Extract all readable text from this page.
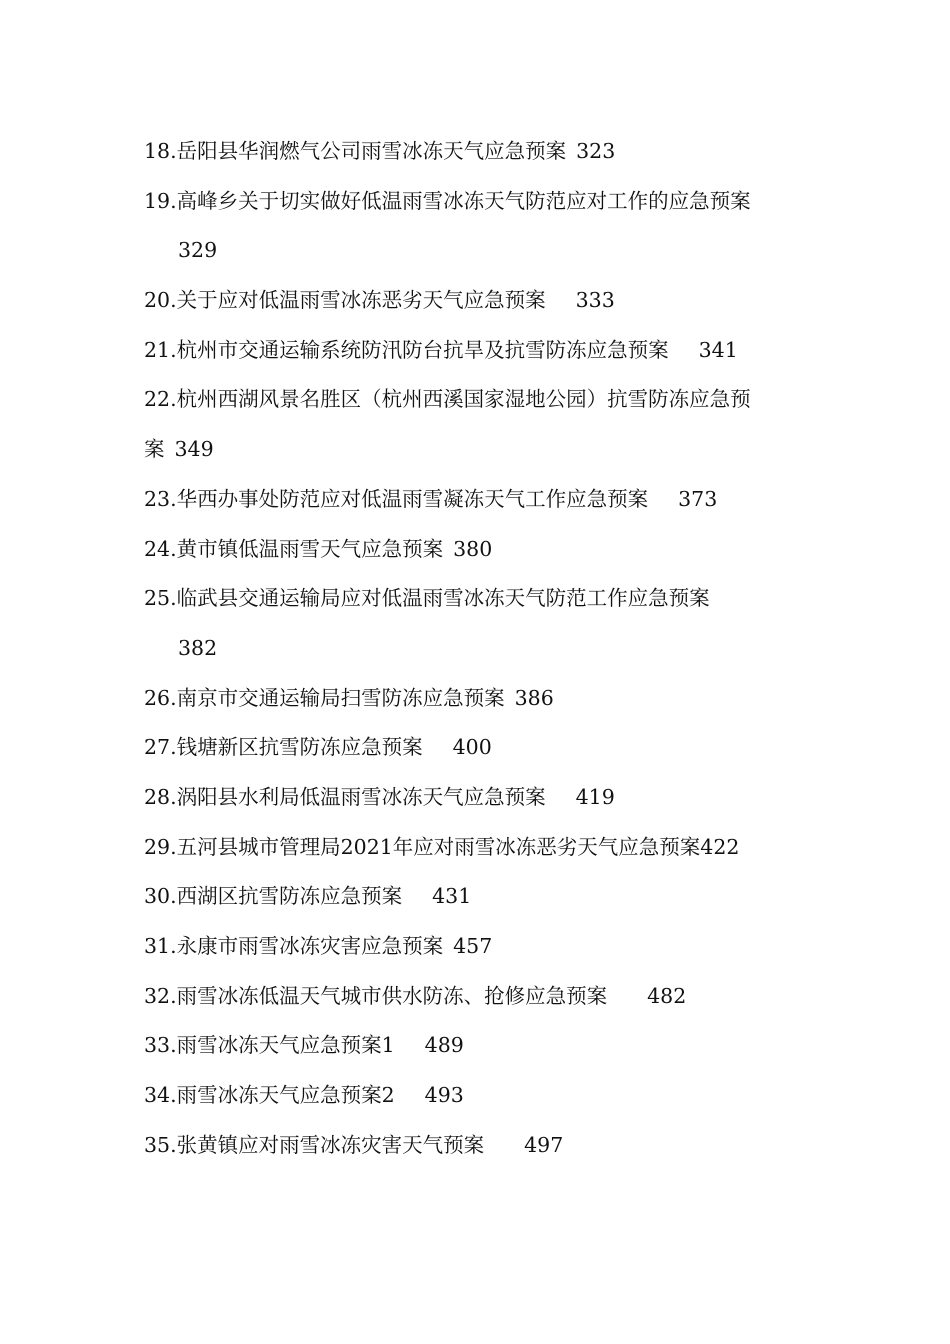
18.岳阳县华润燃气公司雨雪冰冻天气应急预案 323
19.高峰乡关于切实做好低温雨雪冰冻天气防范应对工作的应急预案
329
20.关于应对低温雨雪冰冻恶劣天气应急预案 333
21.杭州市交通运输系统防汛防台抗旱及抗雪防冻应急预案 341
22.杭州西湖风景名胜区（杭州西溪国家湿地公园）抗雪防冻应急预
案 349
23.华西办事处防范应对低温雨雪凝冻天气工作应急预案 373
24.黄市镇低温雨雪天气应急预案 380
25.临武县交通运输局应对低温雨雪冰冻天气防范工作应急预案
382
26.南京市交通运输局扫雪防冻应急预案 386
27.钱塘新区抗雪防冻应急预案 400
28.涡阳县水利局低温雨雪冰冻天气应急预案 419
29.五河县城市管理局2021年应对雨雪冰冻恶劣天气应急预案422
30.西湖区抗雪防冻应急预案 431
31.永康市雨雪冰冻灾害应急预案 457
32.雨雪冰冻低温天气城市供水防冻、抢修应急预案 482
33.雨雪冰冻天气应急预案1 489
34.雨雪冰冻天气应急预案2 493
35.张黄镇应对雨雪冰冻灾害天气预案 497
